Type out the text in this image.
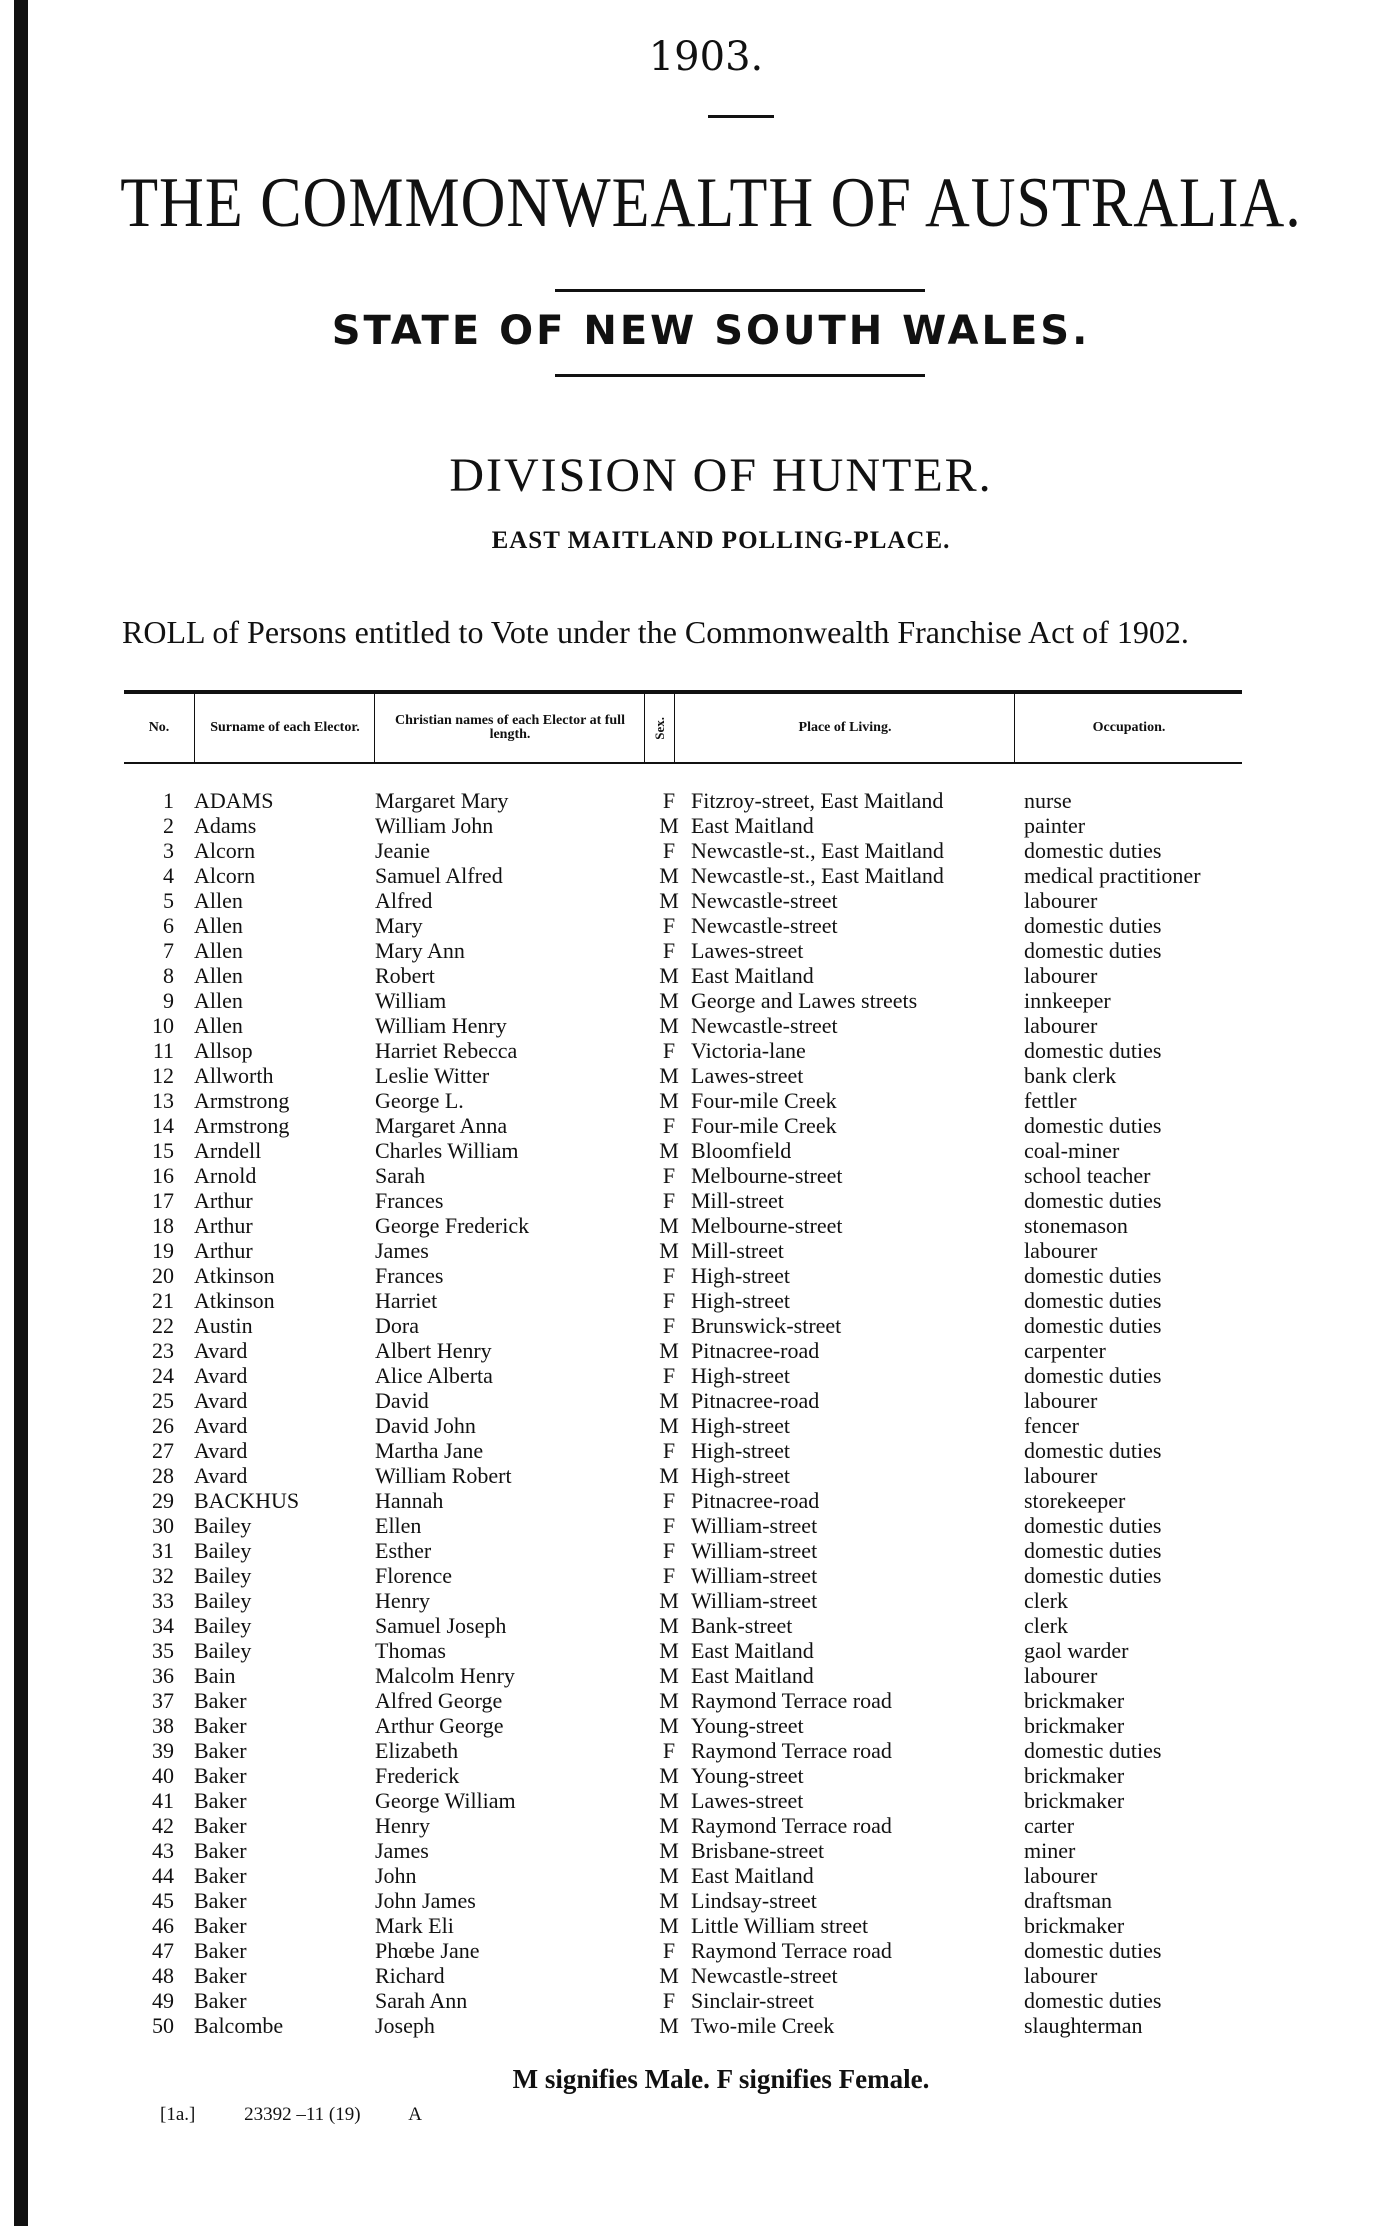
1903.
THE COMMONWEALTH OF AUSTRALIA.
STATE OF NEW SOUTH WALES.
DIVISION OF HUNTER.
EAST MAITLAND POLLING-PLACE.
ROLL of Persons entitled to Vote under the Commonwealth Franchise Act of 1902.
No.	Surname of each Elector.	Christian names of each Elector at full length.	Sex.	Place of Living.	Occupation.
1 ADAMS	Margaret Mary	F Fitzroy-street, East Maitland	nurse
2 Adams	William John	M East Maitland	painter
3 Alcorn	Jeanie	F Newcastle-st., East Maitland	domestic duties
4 Alcorn	Samuel Alfred	M Newcastle-st., East Maitland	medical practitioner
5 Allen	Alfred	M Newcastle-street	labourer
6 Allen	Mary	F Newcastle-street	domestic duties
7 Allen	Mary Ann	F Lawes-street	domestic duties
8 Allen	Robert	M East Maitland	labourer
9 Allen	William	M George and Lawes streets	innkeeper
10 Allen	William Henry	M Newcastle-street	labourer
11 Allsop	Harriet Rebecca	F Victoria-lane	domestic duties
12 Allworth	Leslie Witter	M Lawes-street	bank clerk
13 Armstrong	George L.	M Four-mile Creek	fettler
14 Armstrong	Margaret Anna	F Four-mile Creek	domestic duties
15 Arndell	Charles William	M Bloomfield	coal-miner
16 Arnold	Sarah	F Melbourne-street	school teacher
17 Arthur	Frances	F Mill-street	domestic duties
18 Arthur	George Frederick	M Melbourne-street	stonemason
19 Arthur	James	M Mill-street	labourer
20 Atkinson	Frances	F High-street	domestic duties
21 Atkinson	Harriet	F High-street	domestic duties
22 Austin	Dora	F Brunswick-street	domestic duties
23 Avard	Albert Henry	M Pitnacree-road	carpenter
24 Avard	Alice Alberta	F High-street	domestic duties
25 Avard	David	M Pitnacree-road	labourer
26 Avard	David John	M High-street	fencer
27 Avard	Martha Jane	F High-street	domestic duties
28 Avard	William Robert	M High-street	labourer
29 BACKHUS	Hannah	F Pitnacree-road	storekeeper
30 Bailey	Ellen	F William-street	domestic duties
31 Bailey	Esther	F William-street	domestic duties
32 Bailey	Florence	F William-street	domestic duties
33 Bailey	Henry	M William-street	clerk
34 Bailey	Samuel Joseph	M Bank-street	clerk
35 Bailey	Thomas	M East Maitland	gaol warder
36 Bain	Malcolm Henry	M East Maitland	labourer
37 Baker	Alfred George	M Raymond Terrace road	brickmaker
38 Baker	Arthur George	M Young-street	brickmaker
39 Baker	Elizabeth	F Raymond Terrace road	domestic duties
40 Baker	Frederick	M Young-street	brickmaker
41 Baker	George William	M Lawes-street	brickmaker
42 Baker	Henry	M Raymond Terrace road	carter
43 Baker	James	M Brisbane-street	miner
44 Baker	John	M East Maitland	labourer
45 Baker	John James	M Lindsay-street	draftsman
46 Baker	Mark Eli	M Little William street	brickmaker
47 Baker	Phœbe Jane	F Raymond Terrace road	domestic duties
48 Baker	Richard	M Newcastle-street	labourer
49 Baker	Sarah Ann	F Sinclair-street	domestic duties
50 Balcombe	Joseph	M Two-mile Creek	slaughterman
M signifies Male. F signifies Female.
[1a.]	23392 –11 (19)	A
